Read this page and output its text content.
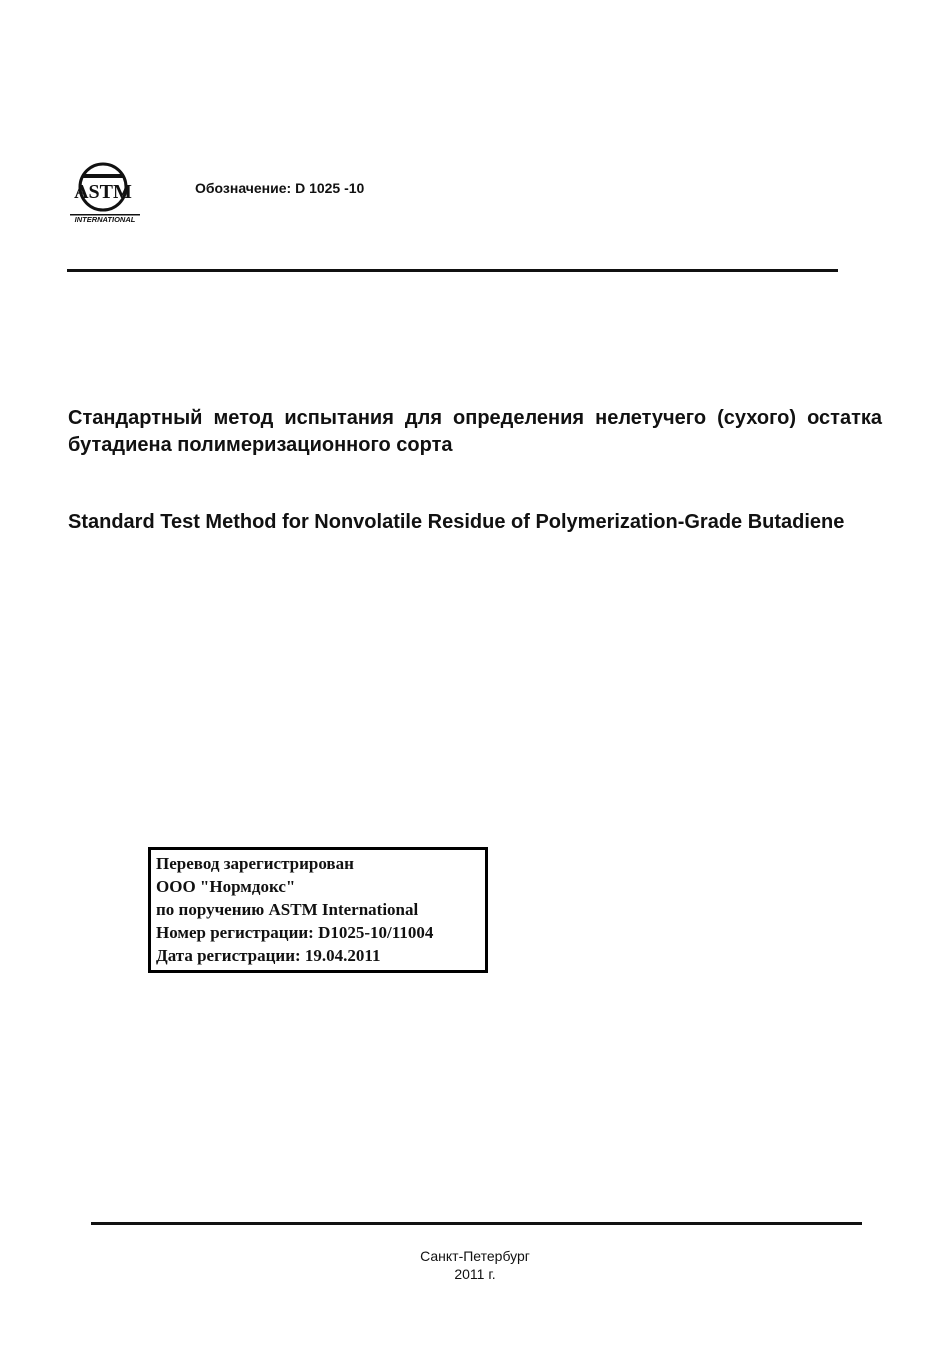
ASTM
INTERNATIONAL
Обозначение: D 1025 -10
Стандартный метод испытания для определения нелетучего (сухого) остатка бутадиена полимеризационного сорта
Standard Test Method for Nonvolatile Residue of Polymerization-Grade Butadiene
Перевод зарегистрирован
ООО "Нормдокс"
по поручению ASTM International
Номер регистрации: D1025-10/11004
Дата регистрации: 19.04.2011
Санкт-Петербург
2011 г.
